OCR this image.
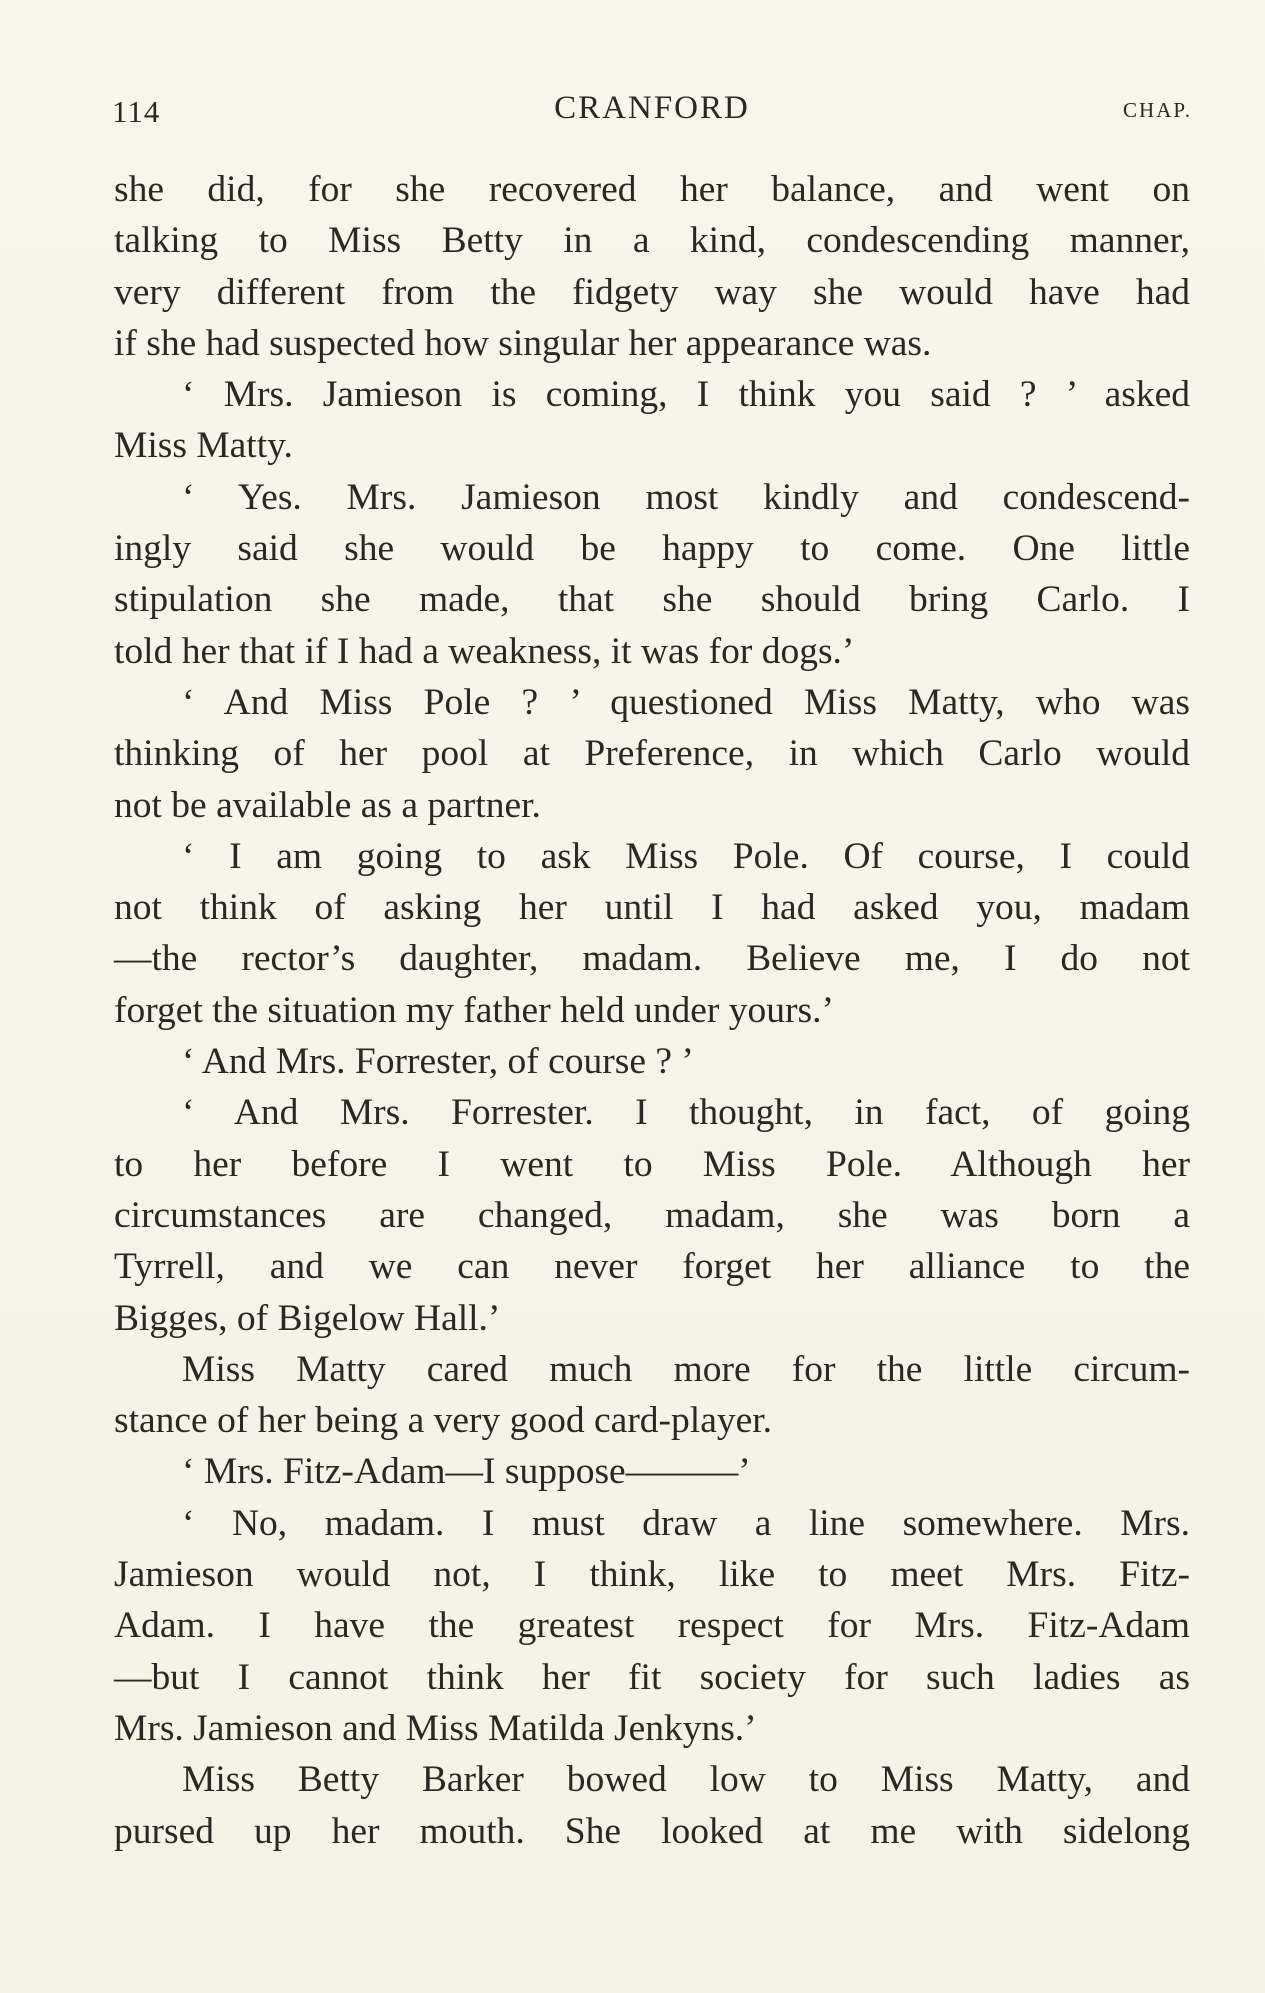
114	CRANFORD	CHAP.
she did, for she recovered her balance, and went on
talking to Miss Betty in a kind, condescending manner,
very different from the fidgety way she would have had
if she had suspected how singular her appearance was.
‘ Mrs. Jamieson is coming, I think you said ? ’ asked
Miss Matty.
‘ Yes. Mrs. Jamieson most kindly and condescend-
ingly said she would be happy to come. One little
stipulation she made, that she should bring Carlo. I
told her that if I had a weakness, it was for dogs.’
‘ And Miss Pole ? ’ questioned Miss Matty, who was
thinking of her pool at Preference, in which Carlo would
not be available as a partner.
‘ I am going to ask Miss Pole. Of course, I could
not think of asking her until I had asked you, madam
—the rector’s daughter, madam. Believe me, I do not
forget the situation my father held under yours.’
‘ And Mrs. Forrester, of course ? ’
‘ And Mrs. Forrester. I thought, in fact, of going
to her before I went to Miss Pole. Although her
circumstances are changed, madam, she was born a
Tyrrell, and we can never forget her alliance to the
Bigges, of Bigelow Hall.’
Miss Matty cared much more for the little circum-
stance of her being a very good card-player.
‘ Mrs. Fitz-Adam—I suppose———’
‘ No, madam. I must draw a line somewhere. Mrs.
Jamieson would not, I think, like to meet Mrs. Fitz-
Adam. I have the greatest respect for Mrs. Fitz-Adam
—but I cannot think her fit society for such ladies as
Mrs. Jamieson and Miss Matilda Jenkyns.’
Miss Betty Barker bowed low to Miss Matty, and
pursed up her mouth. She looked at me with sidelong
